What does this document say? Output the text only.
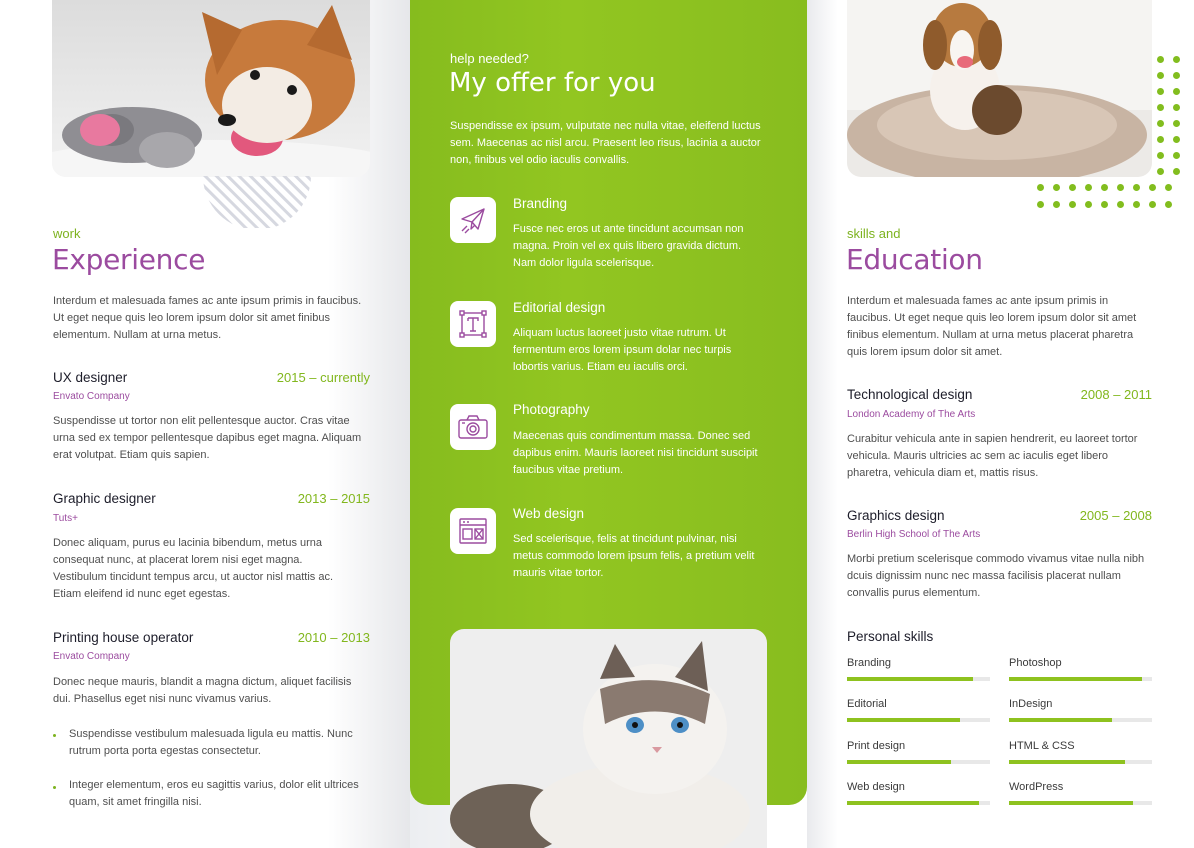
work
Experience
Interdum et malesuada fames ac ante ipsum primis in faucibus. Ut eget neque quis leo lorem ipsum dolor sit amet finibus elementum. Nullam at urna metus.
UX designer	2015 – currently
Envato Company
Suspendisse ut tortor non elit pellentesque auctor. Cras vitae urna sed ex tempor pellentesque dapibus eget magna. Aliquam erat volutpat. Etiam quis sapien.
Graphic designer	2013 – 2015
Tuts+
Donec aliquam, purus eu lacinia bibendum, metus urna consequat nunc, at placerat lorem nisi eget magna. Vestibulum tincidunt tempus arcu, ut auctor nisl mattis ac. Etiam eleifend id nunc eget egestas.
Printing house operator	2010 – 2013
Envato Company
Donec neque mauris, blandit a magna dictum, aliquet facilisis dui. Phasellus eget nisi nunc vivamus varius.
Suspendisse vestibulum malesuada ligula eu mattis. Nunc rutrum porta porta egestas consectetur.
Integer elementum, eros eu sagittis varius, dolor elit ultrices quam, sit amet fringilla nisi.
help needed?
My offer for you
Suspendisse ex ipsum, vulputate nec nulla vitae, eleifend luctus sem. Maecenas ac nisl arcu. Praesent leo risus, lacinia a auctor non, finibus vel odio iaculis convallis.
Branding
Fusce nec eros ut ante tincidunt accumsan non magna. Proin vel ex quis libero gravida dictum. Nam dolor ligula scelerisque.
Editorial design
Aliquam luctus laoreet justo vitae rutrum. Ut fermentum eros lorem ipsum dolar nec turpis lobortis varius. Etiam eu iaculis orci.
Photography
Maecenas quis condimentum massa. Donec sed dapibus enim. Mauris laoreet nisi tincidunt suscipit faucibus vitae pretium.
Web design
Sed scelerisque, felis at tincidunt pulvinar, nisi metus commodo lorem ipsum felis, a pretium velit mauris vitae tortor.
skills and
Education
Interdum et malesuada fames ac ante ipsum primis in faucibus. Ut eget neque quis leo lorem ipsum dolor sit amet finibus elementum. Nullam at urna metus placerat pharetra quis lorem ipsum dolor sit amet.
Technological design	2008 – 2011
London Academy of The Arts
Curabitur vehicula ante in sapien hendrerit, eu laoreet tortor vehicula. Mauris ultricies ac sem ac iaculis eget libero pharetra, vehicula diam et, mattis risus.
Graphics design	2005 – 2008
Berlin High School of The Arts
Morbi pretium scelerisque commodo vivamus vitae nulla nibh dcuis dignissim nunc nec massa facilisis placerat nullam convallis purus elementum.
Personal skills
Branding	Photoshop
Editorial	InDesign
Print design	HTML & CSS
Web design	WordPress
